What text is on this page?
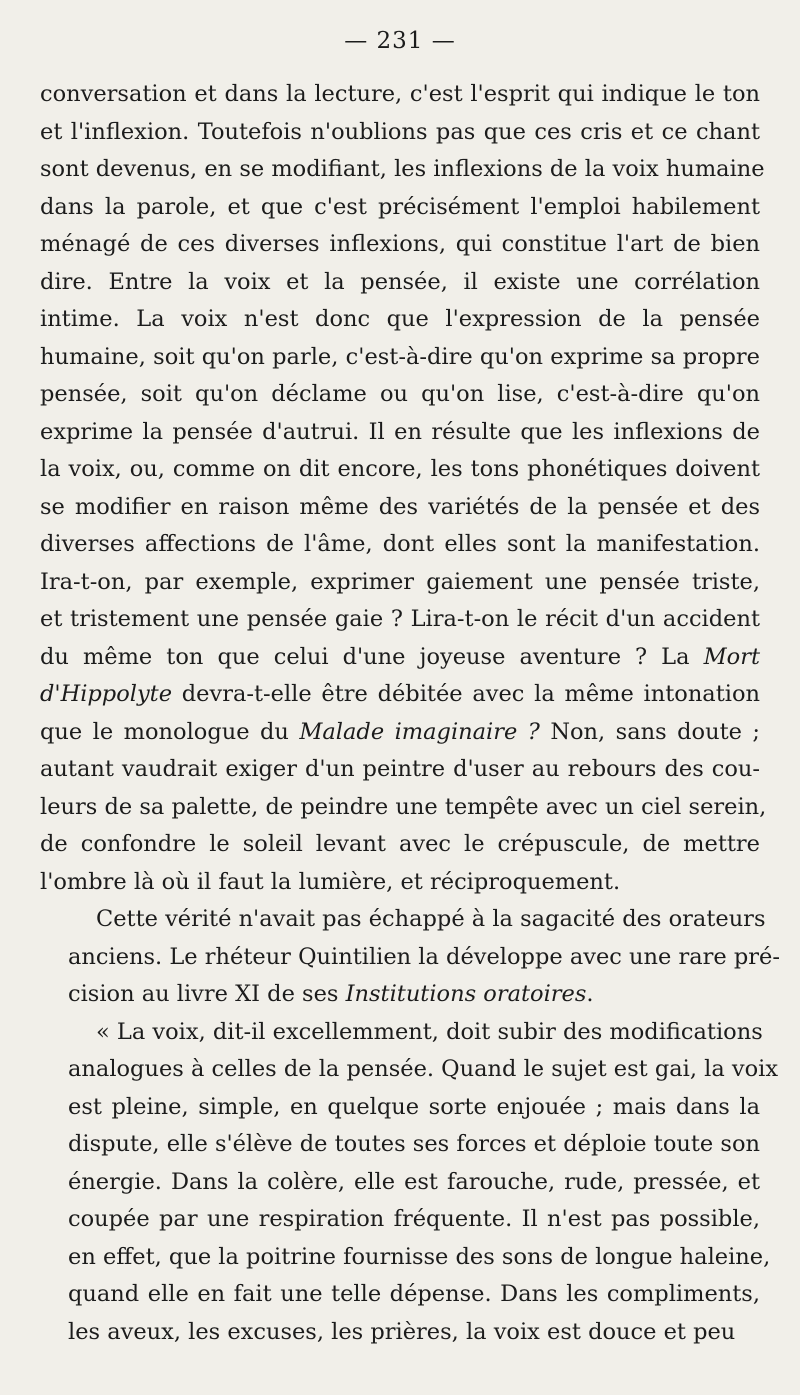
— 231 —

conversation et dans la lecture, c'est l'esprit qui indique le ton
et l'inflexion. Toutefois n'oublions pas que ces cris et ce chant
sont devenus, en se modifiant, les inflexions de la voix humaine
dans la parole, et que c'est précisément l'emploi habilement
ménagé de ces diverses inflexions, qui constitue l'art de bien
dire. Entre la voix et la pensée, il existe une corrélation
intime. La voix n'est donc que l'expression de la pensée
humaine, soit qu'on parle, c'est-à-dire qu'on exprime sa propre
pensée, soit qu'on déclame ou qu'on lise, c'est-à-dire qu'on
exprime la pensée d'autrui. Il en résulte que les inflexions de
la voix, ou, comme on dit encore, les tons phonétiques doivent
se modifier en raison même des variétés de la pensée et des
diverses affections de l'âme, dont elles sont la manifestation.
Ira-t-on, par exemple, exprimer gaiement une pensée triste,
et tristement une pensée gaie ? Lira-t-on le récit d'un accident
du même ton que celui d'une joyeuse aventure ? La Mort
d'Hippolyte devra-t-elle être débitée avec la même intonation
que le monologue du Malade imaginaire ? Non, sans doute ;
autant vaudrait exiger d'un peintre d'user au rebours des cou-
leurs de sa palette, de peindre une tempête avec un ciel serein,
de confondre le soleil levant avec le crépuscule, de mettre
l'ombre là où il faut la lumière, et réciproquement.

Cette vérité n'avait pas échappé à la sagacité des orateurs
anciens. Le rhéteur Quintilien la développe avec une rare pré-
cision au livre XI de ses Institutions oratoires.

« La voix, dit-il excellemment, doit subir des modifications
analogues à celles de la pensée. Quand le sujet est gai, la voix
est pleine, simple, en quelque sorte enjouée ; mais dans la
dispute, elle s'élève de toutes ses forces et déploie toute son
énergie. Dans la colère, elle est farouche, rude, pressée, et
coupée par une respiration fréquente. Il n'est pas possible,
en effet, que la poitrine fournisse des sons de longue haleine,
quand elle en fait une telle dépense. Dans les compliments,
les aveux, les excuses, les prières, la voix est douce et peu
